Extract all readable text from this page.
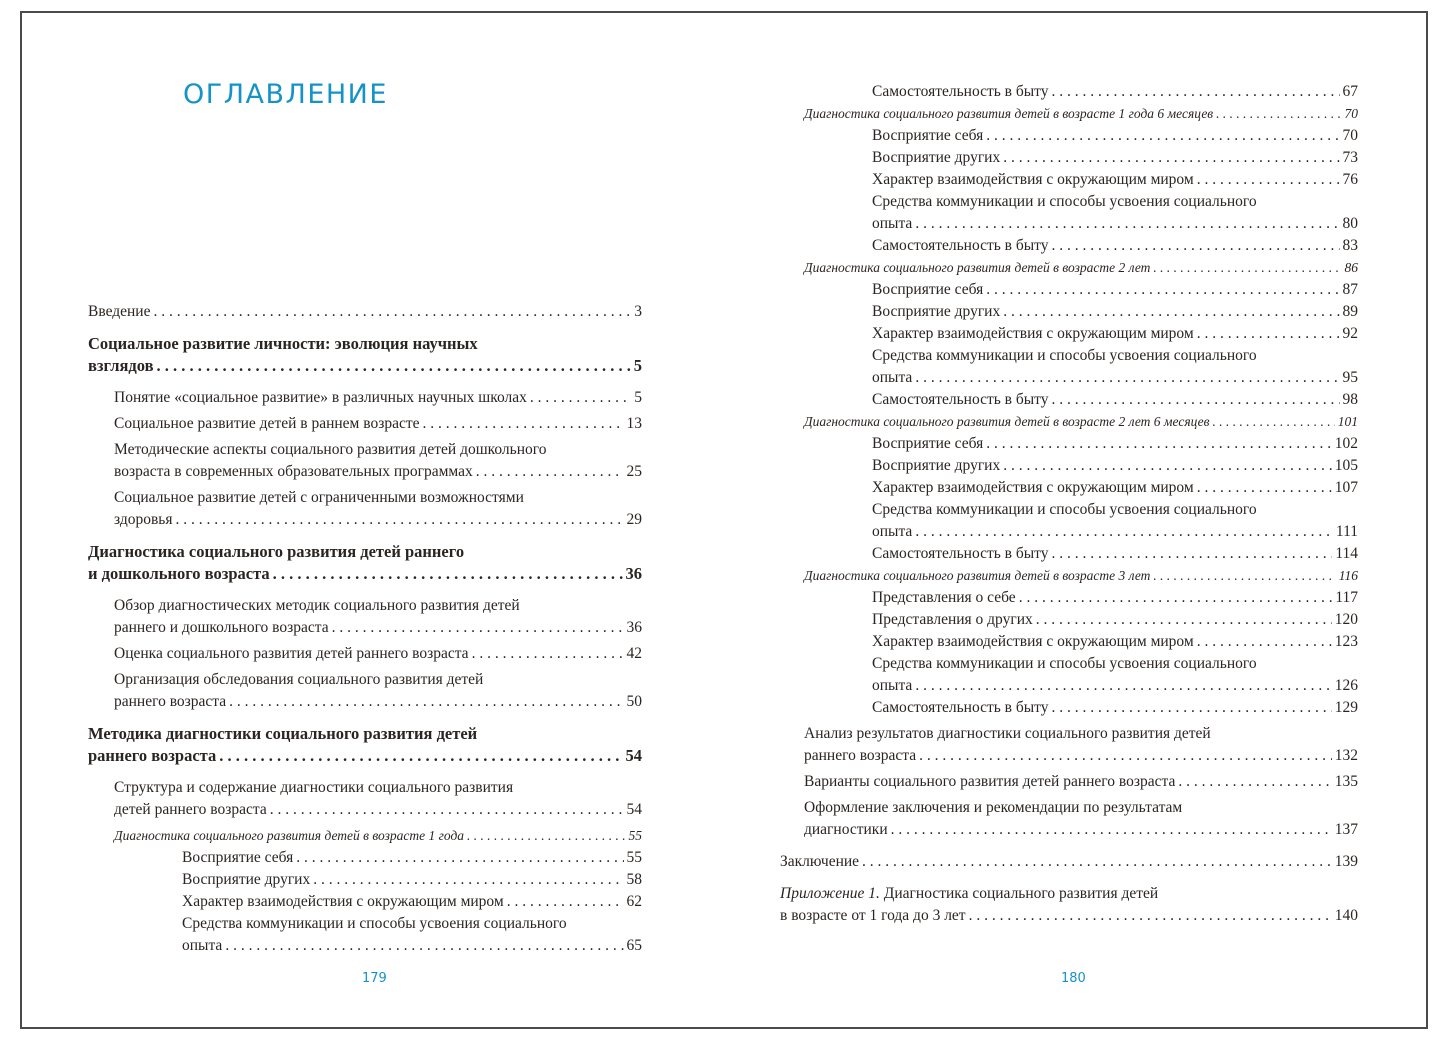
ОГЛАВЛЕНИЕ
Введение . . .	3
Социальное развитие личности: эволюция научных
взглядов . . .	5
Понятие «социальное развитие» в различных научных школах . . .	5
Социальное развитие детей в раннем возрасте . . .	13
Методические аспекты социального развития детей дошкольного
возраста в современных образовательных программах . . .	25
Социальное развитие детей с ограниченными возможностями
здоровья . . .	29
Диагностика социального развития детей раннего
и дошкольного возраста . . .	36
Обзор диагностических методик социального развития детей
раннего и дошкольного возраста . . .	36
Оценка социального развития детей раннего возраста . . .	42
Организация обследования социального развития детей
раннего возраста . . .	50
Методика диагностики социального развития детей
раннего возраста . . .	54
Структура и содержание диагностики социального развития
детей раннего возраста . . .	54
Диагностика социального развития детей в возрасте 1 года . . .	55
Восприятие себя . . .	55
Восприятие других . . .	58
Характер взаимодействия с окружающим миром . . .	62
Средства коммуникации и способы усвоения социального
опыта . . .	65
179
Самостоятельность в быту . . .	67
Диагностика социального развития детей в возрасте 1 года 6 месяцев . . .	70
Восприятие себя . . .	70
Восприятие других . . .	73
Характер взаимодействия с окружающим миром . . .	76
Средства коммуникации и способы усвоения социального
опыта . . .	80
Самостоятельность в быту . . .	83
Диагностика социального развития детей в возрасте 2 лет . . .	86
Восприятие себя . . .	87
Восприятие других . . .	89
Характер взаимодействия с окружающим миром . . .	92
Средства коммуникации и способы усвоения социального
опыта . . .	95
Самостоятельность в быту . . .	98
Диагностика социального развития детей в возрасте 2 лет 6 месяцев . . .	101
Восприятие себя . . .	102
Восприятие других . . .	105
Характер взаимодействия с окружающим миром . . .	107
Средства коммуникации и способы усвоения социального
опыта . . .	111
Самостоятельность в быту . . .	114
Диагностика социального развития детей в возрасте 3 лет . . .	116
Представления о себе . . .	117
Представления о других . . .	120
Характер взаимодействия с окружающим миром . . .	123
Средства коммуникации и способы усвоения социального
опыта . . .	126
Самостоятельность в быту . . .	129
Анализ результатов диагностики социального развития детей
раннего возраста . . .	132
Варианты социального развития детей раннего возраста . . .	135
Оформление заключения и рекомендации по результатам
диагностики . . .	137
Заключение . . .	139
Приложение 1. Диагностика социального развития детей
в возрасте от 1 года до 3 лет . . .	140
180
